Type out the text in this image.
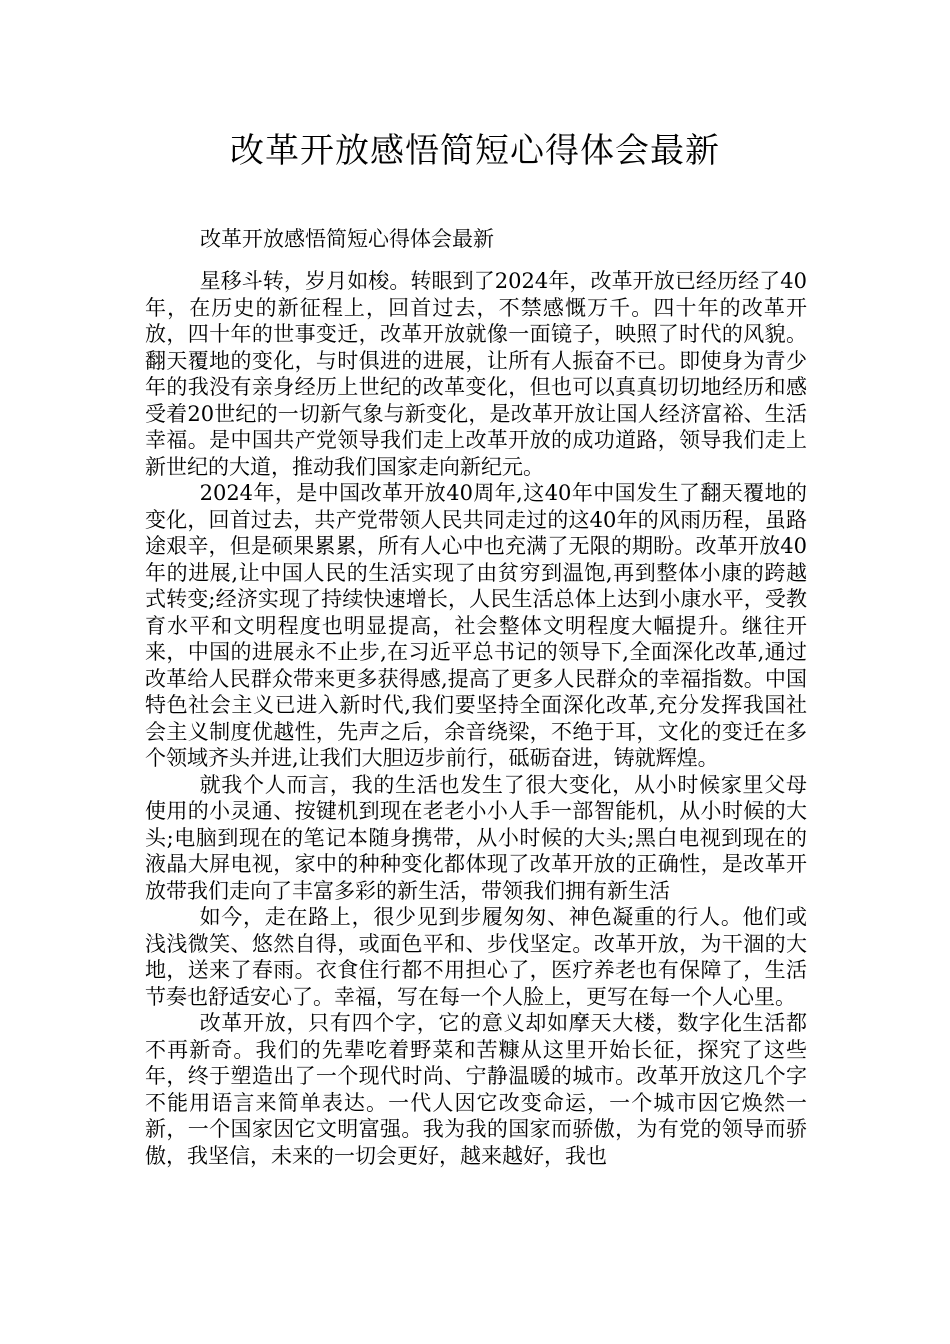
改革开放感悟简短心得体会最新

改革开放感悟简短心得体会最新

星移斗转，岁月如梭。转眼到了2024年，改革开放已经历经了40年，在历史的新征程上，回首过去，不禁感慨万千。四十年的改革开放，四十年的世事变迁，改革开放就像一面镜子，映照了时代的风貌。翻天覆地的变化，与时俱进的进展，让所有人振奋不已。即使身为青少年的我没有亲身经历上世纪的改革变化，但也可以真真切切地经历和感受着20世纪的一切新气象与新变化，是改革开放让国人经济富裕、生活幸福。是中国共产党领导我们走上改革开放的成功道路，领导我们走上新世纪的大道，推动我们国家走向新纪元。

2024年，是中国改革开放40周年,这40年中国发生了翻天覆地的变化，回首过去，共产党带领人民共同走过的这40年的风雨历程，虽路途艰辛，但是硕果累累，所有人心中也充满了无限的期盼。改革开放40年的进展,让中国人民的生活实现了由贫穷到温饱,再到整体小康的跨越式转变;经济实现了持续快速增长，人民生活总体上达到小康水平，受教育水平和文明程度也明显提高，社会整体文明程度大幅提升。继往开来，中国的进展永不止步,在习近平总书记的领导下,全面深化改革,通过改革给人民群众带来更多获得感,提高了更多人民群众的幸福指数。中国特色社会主义已进入新时代,我们要坚持全面深化改革,充分发挥我国社会主义制度优越性，先声之后，余音绕梁，不绝于耳，文化的变迁在多个领域齐头并进,让我们大胆迈步前行，砥砺奋进，铸就辉煌。

就我个人而言，我的生活也发生了很大变化，从小时候家里父母使用的小灵通、按键机到现在老老小小人手一部智能机，从小时候的大头;电脑到现在的笔记本随身携带，从小时候的大头;黑白电视到现在的液晶大屏电视，家中的种种变化都体现了改革开放的正确性，是改革开放带我们走向了丰富多彩的新生活，带领我们拥有新生活

如今，走在路上，很少见到步履匆匆、神色凝重的行人。他们或浅浅微笑、悠然自得，或面色平和、步伐坚定。改革开放，为干涸的大地，送来了春雨。衣食住行都不用担心了，医疗养老也有保障了，生活节奏也舒适安心了。幸福，写在每一个人脸上，更写在每一个人心里。

改革开放，只有四个字，它的意义却如摩天大楼，数字化生活都不再新奇。我们的先辈吃着野菜和苦糠从这里开始长征，探究了这些年，终于塑造出了一个现代时尚、宁静温暖的城市。改革开放这几个字不能用语言来简单表达。一代人因它改变命运，一个城市因它焕然一新，一个国家因它文明富强。我为我的国家而骄傲，为有党的领导而骄傲，我坚信，未来的一切会更好，越来越好，我也
